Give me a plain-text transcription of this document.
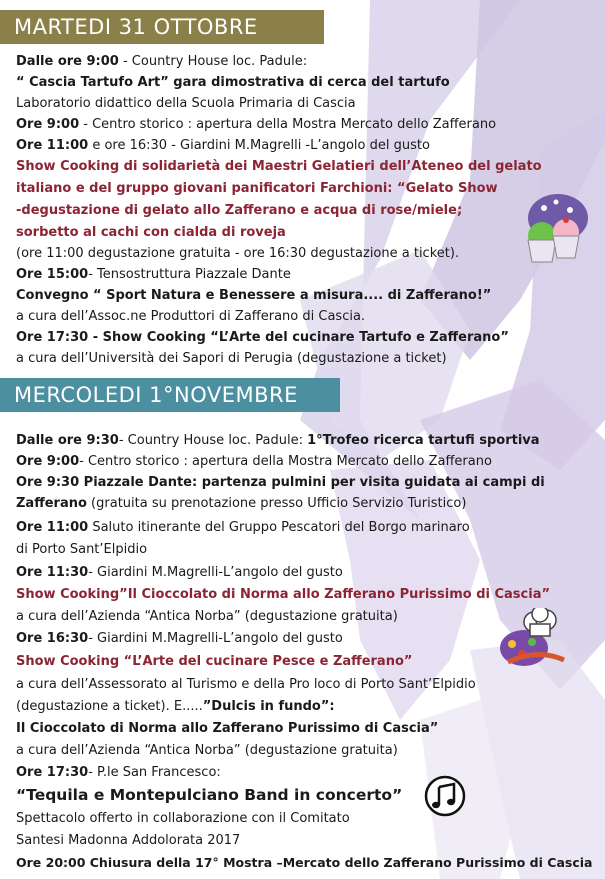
MARTEDI 31 OTTOBRE
Dalle ore 9:00 - Country House loc. Padule:
“ Cascia Tartufo Art” gara dimostrativa di cerca del tartufo
Laboratorio didattico della Scuola Primaria di Cascia
Ore 9:00 - Centro storico : apertura della Mostra Mercato dello Zafferano
Ore 11:00 e ore 16:30 - Giardini M.Magrelli -L’angolo del gusto
Show Cooking di solidarietà dei Maestri Gelatieri dell’Ateneo del gelato
italiano e del gruppo giovani panificatori Farchioni: “Gelato Show
-degustazione di gelato allo Zafferano e acqua di rose/miele;
sorbetto al cachi con cialda di roveja
(ore 11:00 degustazione gratuita - ore 16:30 degustazione a ticket).
Ore 15:00- Tensostruttura Piazzale Dante
Convegno “ Sport Natura e Benessere a misura.... di Zafferano!”
a cura dell’Assoc.ne Produttori di Zafferano di Cascia.
Ore 17:30 - Show Cooking “L’Arte del cucinare Tartufo e Zafferano”
a cura dell’Università dei Sapori di Perugia (degustazione a ticket)
MERCOLEDI 1°NOVEMBRE
Dalle ore 9:30- Country House loc. Padule: 1°Trofeo ricerca tartufi sportiva
Ore 9:00- Centro storico : apertura della Mostra Mercato dello Zafferano
Ore 9:30 Piazzale Dante: partenza pulmini per visita guidata ai campi di
Zafferano (gratuita su prenotazione presso Ufficio Servizio Turistico)
Ore 11:00 Saluto itinerante del Gruppo Pescatori del Borgo marinaro
di Porto Sant’Elpidio
Ore 11:30- Giardini M.Magrelli-L’angolo del gusto
Show Cooking”Il Cioccolato di Norma allo Zafferano Purissimo di Cascia”
a cura dell’Azienda “Antica Norba” (degustazione gratuita)
Ore 16:30- Giardini M.Magrelli-L’angolo del gusto
Show Cooking “L’Arte del cucinare Pesce e Zafferano”
a cura dell’Assessorato al Turismo e della Pro loco di Porto Sant’Elpidio
(degustazione a ticket). E.....”Dulcis in fundo”:
Il Cioccolato di Norma allo Zafferano Purissimo di Cascia”
a cura dell’Azienda “Antica Norba” (degustazione gratuita)
Ore 17:30- P.le San Francesco:
“Tequila e Montepulciano Band in concerto”
Spettacolo offerto in collaborazione con il Comitato
Santesi Madonna Addolorata 2017
Ore 20:00 Chiusura della 17° Mostra –Mercato dello Zafferano Purissimo di Cascia
